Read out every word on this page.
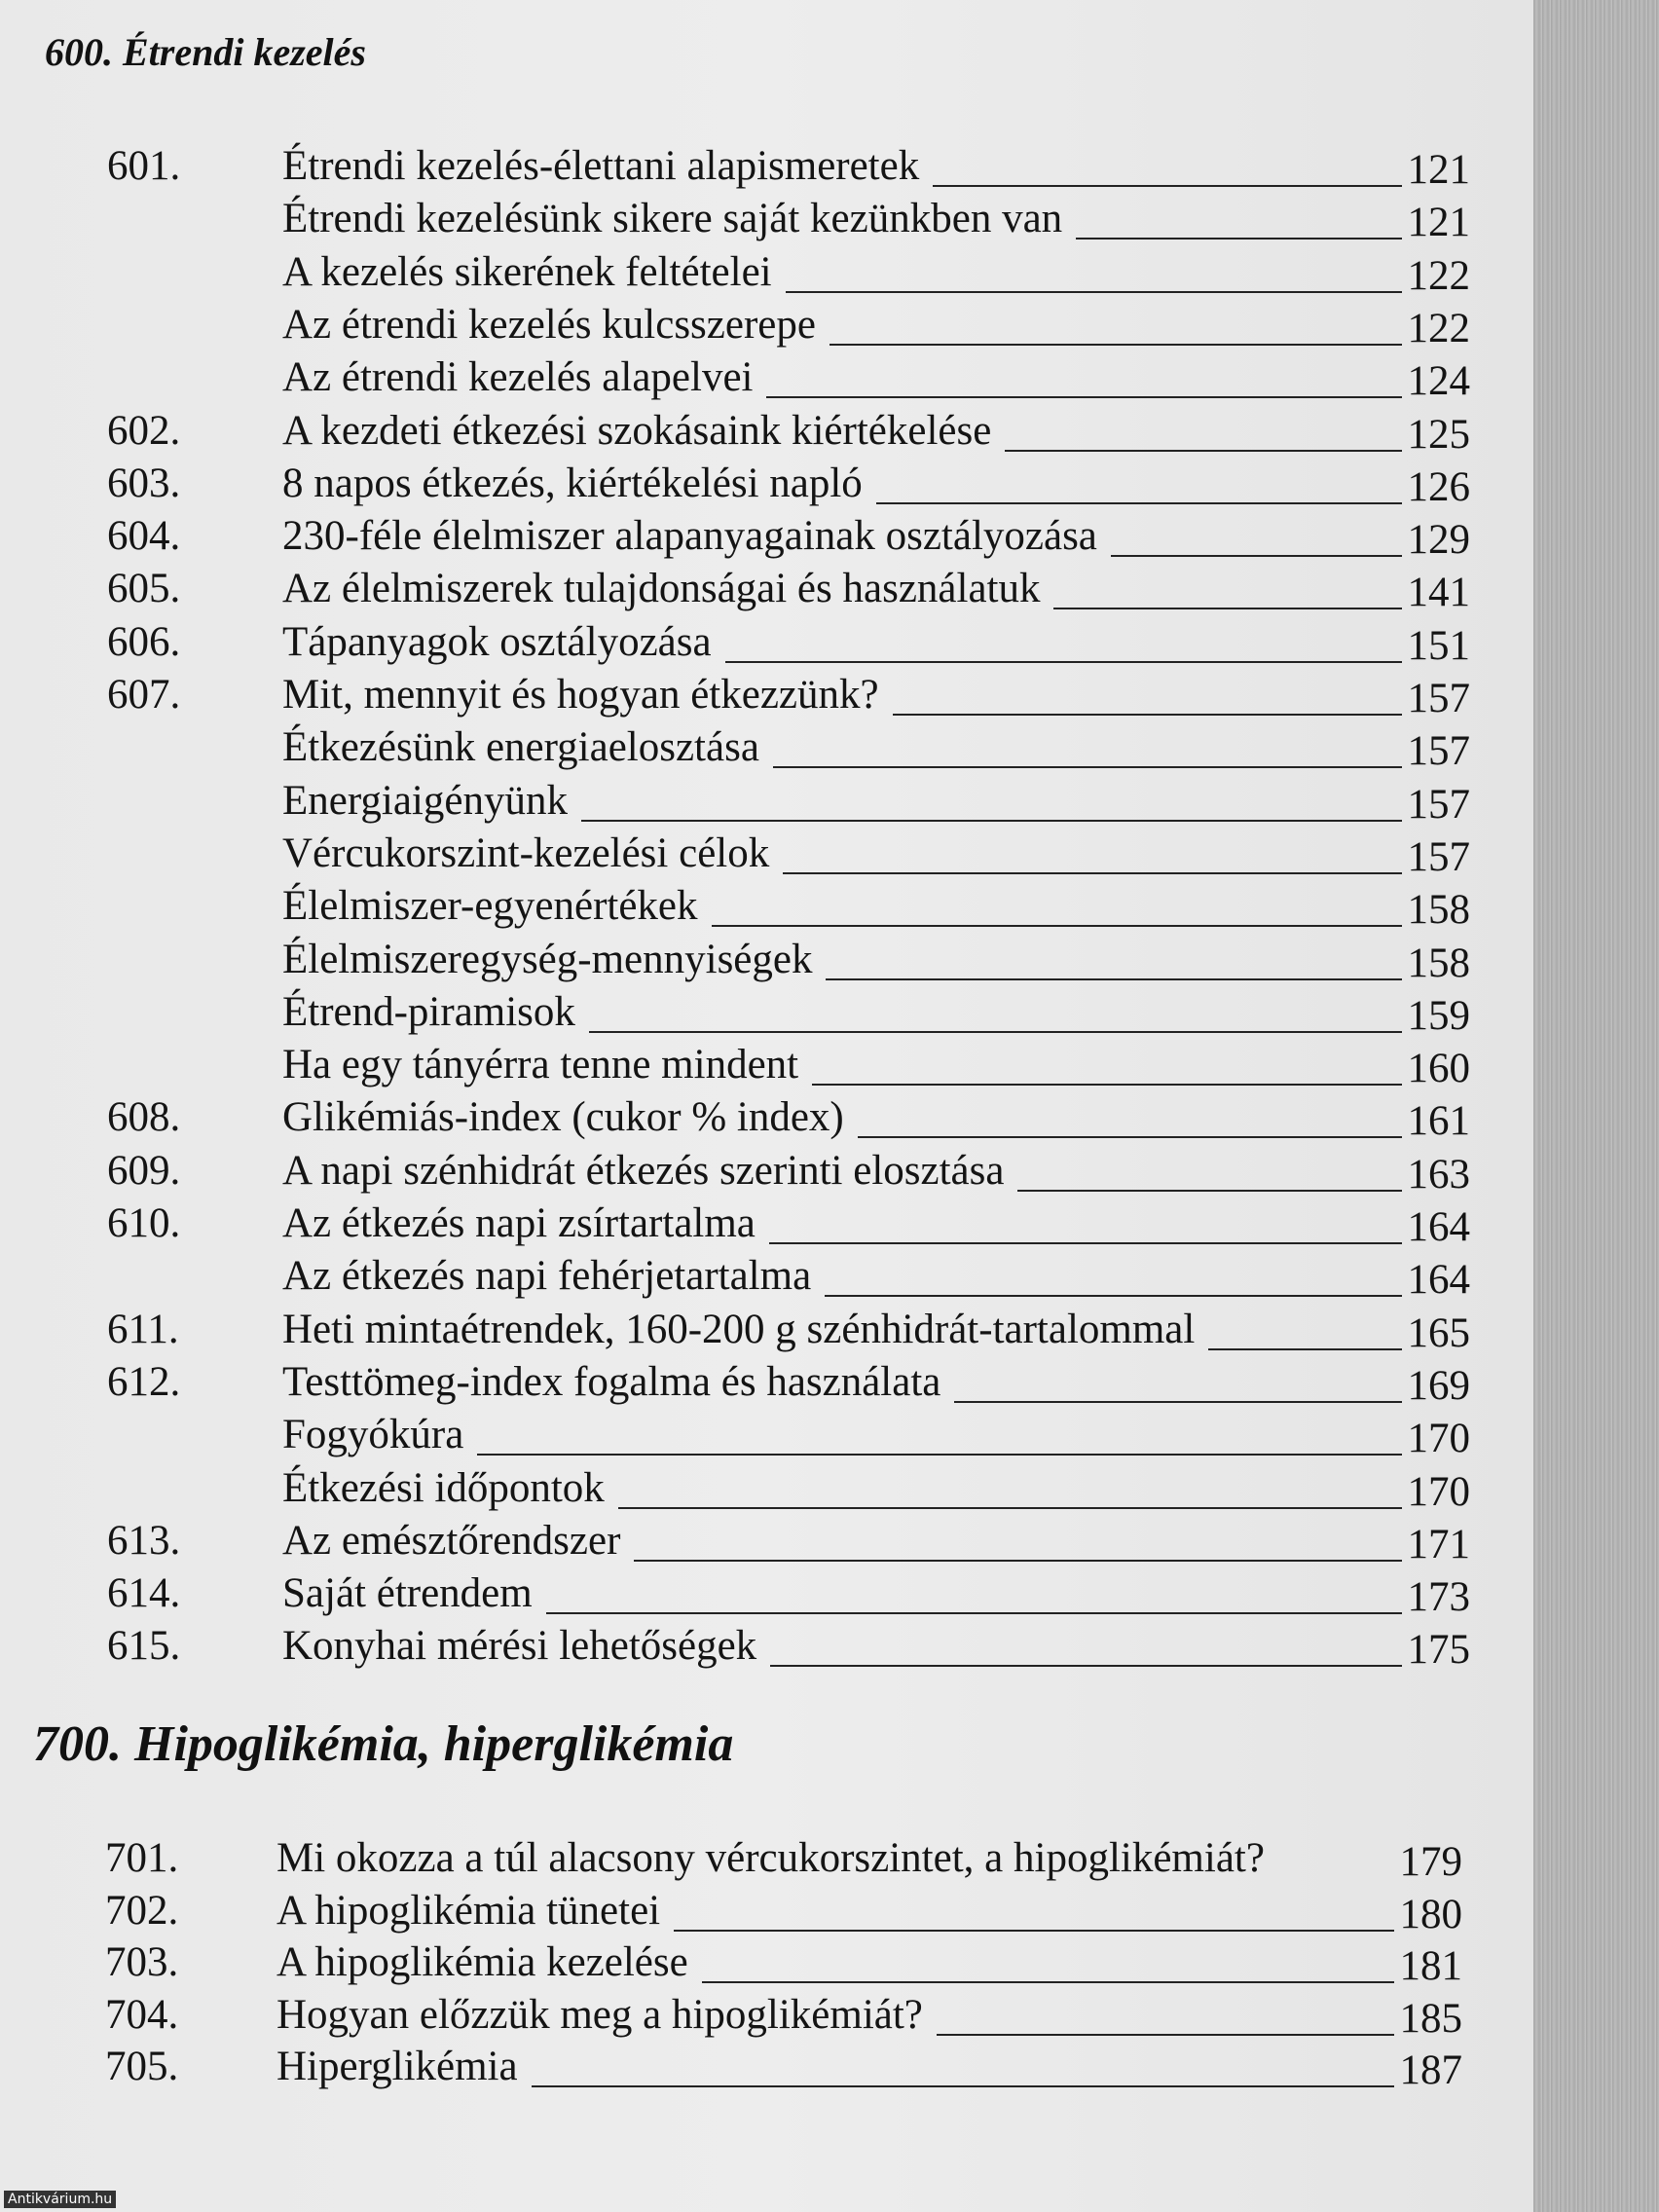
600. Étrendi kezelés
700. Hipoglikémia, hiperglikémia
601. Étrendi kezelés-élettani alapismeretek	121
Étrendi kezelésünk sikere saját kezünkben van	121
A kezelés sikerének feltételei	122
Az étrendi kezelés kulcsszerepe	122
Az étrendi kezelés alapelvei	124
602. A kezdeti étkezési szokásaink kiértékelése	125
603. 8 napos étkezés, kiértékelési napló	126
604. 230-féle élelmiszer alapanyagainak osztályozása	129
605. Az élelmiszerek tulajdonságai és használatuk	141
606. Tápanyagok osztályozása	151
607. Mit, mennyit és hogyan étkezzünk?	157
Étkezésünk energiaelosztása	157
Energiaigényünk	157
Vércukorszint-kezelési célok	157
Élelmiszer-egyenértékek	158
Élelmiszeregység-mennyiségek	158
Étrend-piramisok	159
Ha egy tányérra tenne mindent	160
608. Glikémiás-index (cukor % index)	161
609. A napi szénhidrát étkezés szerinti elosztása	163
610. Az étkezés napi zsírtartalma	164
Az étkezés napi fehérjetartalma	164
611. Heti mintaétrendek, 160-200 g szénhidrát-tartalommal	165
612. Testtömeg-index fogalma és használata	169
Fogyókúra	170
Étkezési időpontok	170
613. Az emésztőrendszer	171
614. Saját étrendem	173
615. Konyhai mérési lehetőségek	175
701. Mi okozza a túl alacsony vércukorszintet, a hipoglikémiát?	179
702. A hipoglikémia tünetei	180
703. A hipoglikémia kezelése	181
704. Hogyan előzzük meg a hipoglikémiát?	185
705. Hiperglikémia	187
Antikvárium.hu
